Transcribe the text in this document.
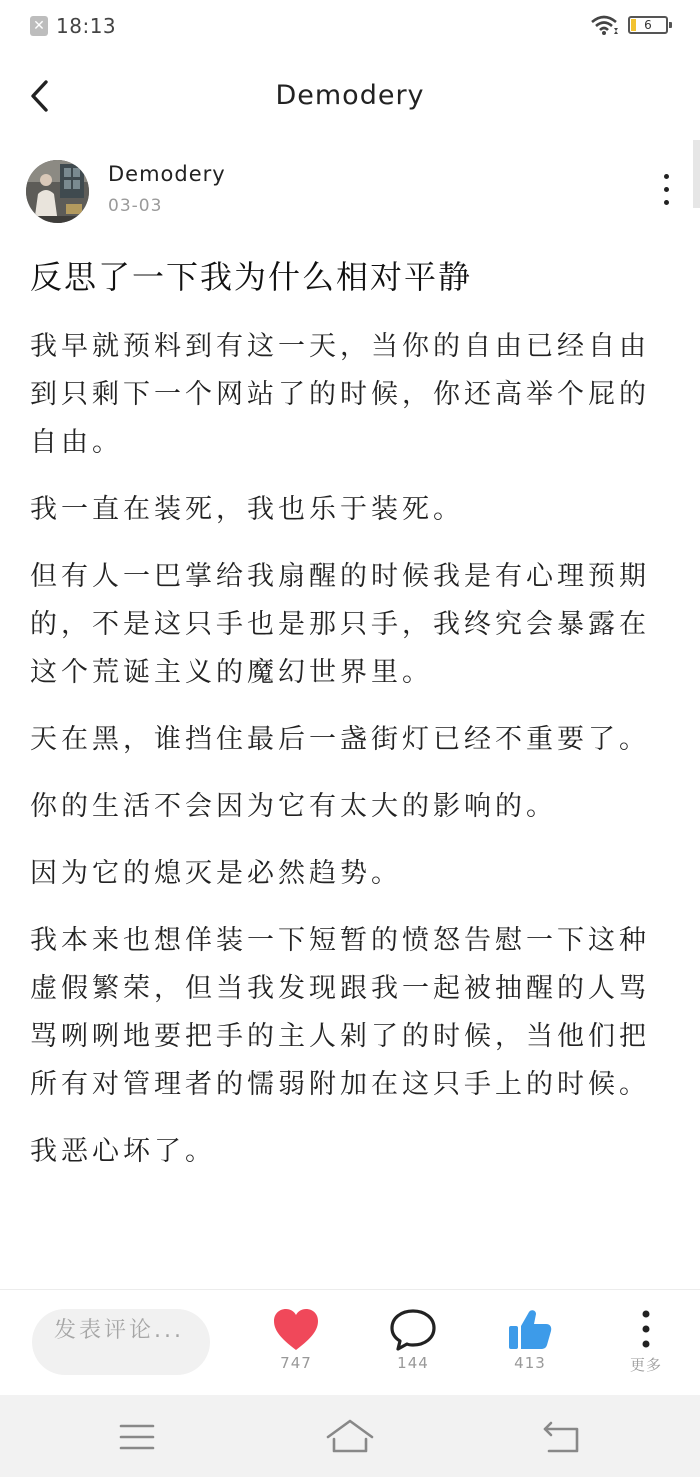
✕ 18:13	6
Demodery
Demodery
03-03
反思了一下我为什么相对平静

我早就预料到有这一天，当你的自由已经自由到只剩下一个网站了的时候，你还高举个屁的自由。

我一直在装死，我也乐于装死。

但有人一巴掌给我扇醒的时候我是有心理预期的，不是这只手也是那只手，我终究会暴露在这个荒诞主义的魔幻世界里。

天在黑，谁挡住最后一盏街灯已经不重要了。

你的生活不会因为它有太大的影响的。

因为它的熄灭是必然趋势。

我本来也想佯装一下短暂的愤怒告慰一下这种虚假繁荣，但当我发现跟我一起被抽醒的人骂骂咧咧地要把手的主人剁了的时候，当他们把所有对管理者的懦弱附加在这只手上的时候。

我恶心坏了。

发表评论...
747	144	413	更多
